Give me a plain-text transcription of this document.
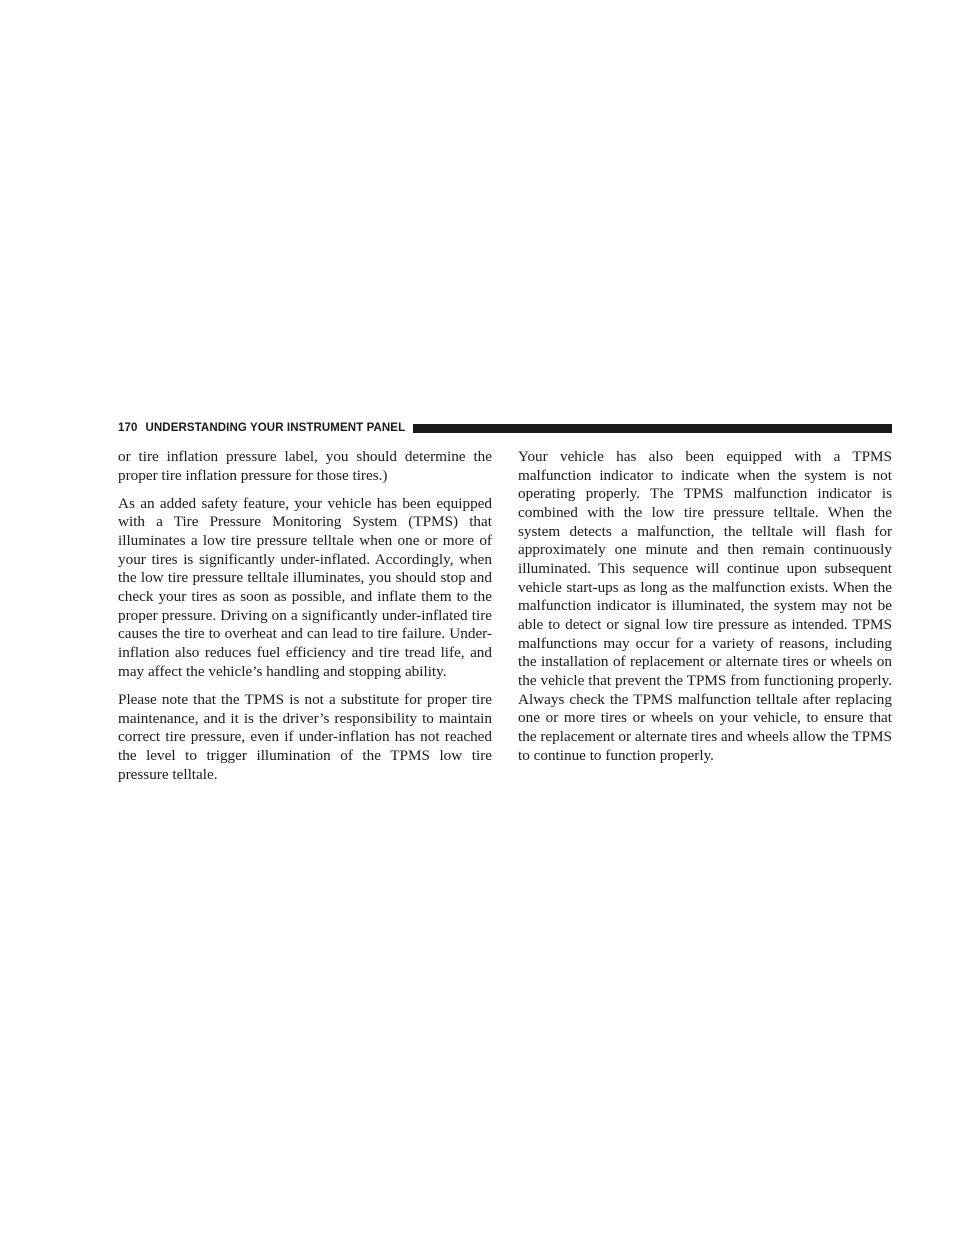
170 UNDERSTANDING YOUR INSTRUMENT PANEL

or tire inflation pressure label, you should determine the proper tire inflation pressure for those tires.)

As an added safety feature, your vehicle has been equipped with a Tire Pressure Monitoring System (TPMS) that illuminates a low tire pressure telltale when one or more of your tires is significantly under-inflated. Accordingly, when the low tire pressure telltale illuminates, you should stop and check your tires as soon as possible, and inflate them to the proper pressure. Driving on a significantly under-inflated tire causes the tire to overheat and can lead to tire failure. Under-inflation also reduces fuel efficiency and tire tread life, and may affect the vehicle’s handling and stopping ability.

Please note that the TPMS is not a substitute for proper tire maintenance, and it is the driver’s responsibility to maintain correct tire pressure, even if under-inflation has not reached the level to trigger illumination of the TPMS low tire pressure telltale.

Your vehicle has also been equipped with a TPMS malfunction indicator to indicate when the system is not operating properly. The TPMS malfunction indicator is combined with the low tire pressure telltale. When the system detects a malfunction, the telltale will flash for approximately one minute and then remain continuously illuminated. This sequence will continue upon subsequent vehicle start-ups as long as the malfunction exists. When the malfunction indicator is illuminated, the system may not be able to detect or signal low tire pressure as intended. TPMS malfunctions may occur for a variety of reasons, including the installation of replacement or alternate tires or wheels on the vehicle that prevent the TPMS from functioning properly. Always check the TPMS malfunction telltale after replacing one or more tires or wheels on your vehicle, to ensure that the replacement or alternate tires and wheels allow the TPMS to continue to function properly.
